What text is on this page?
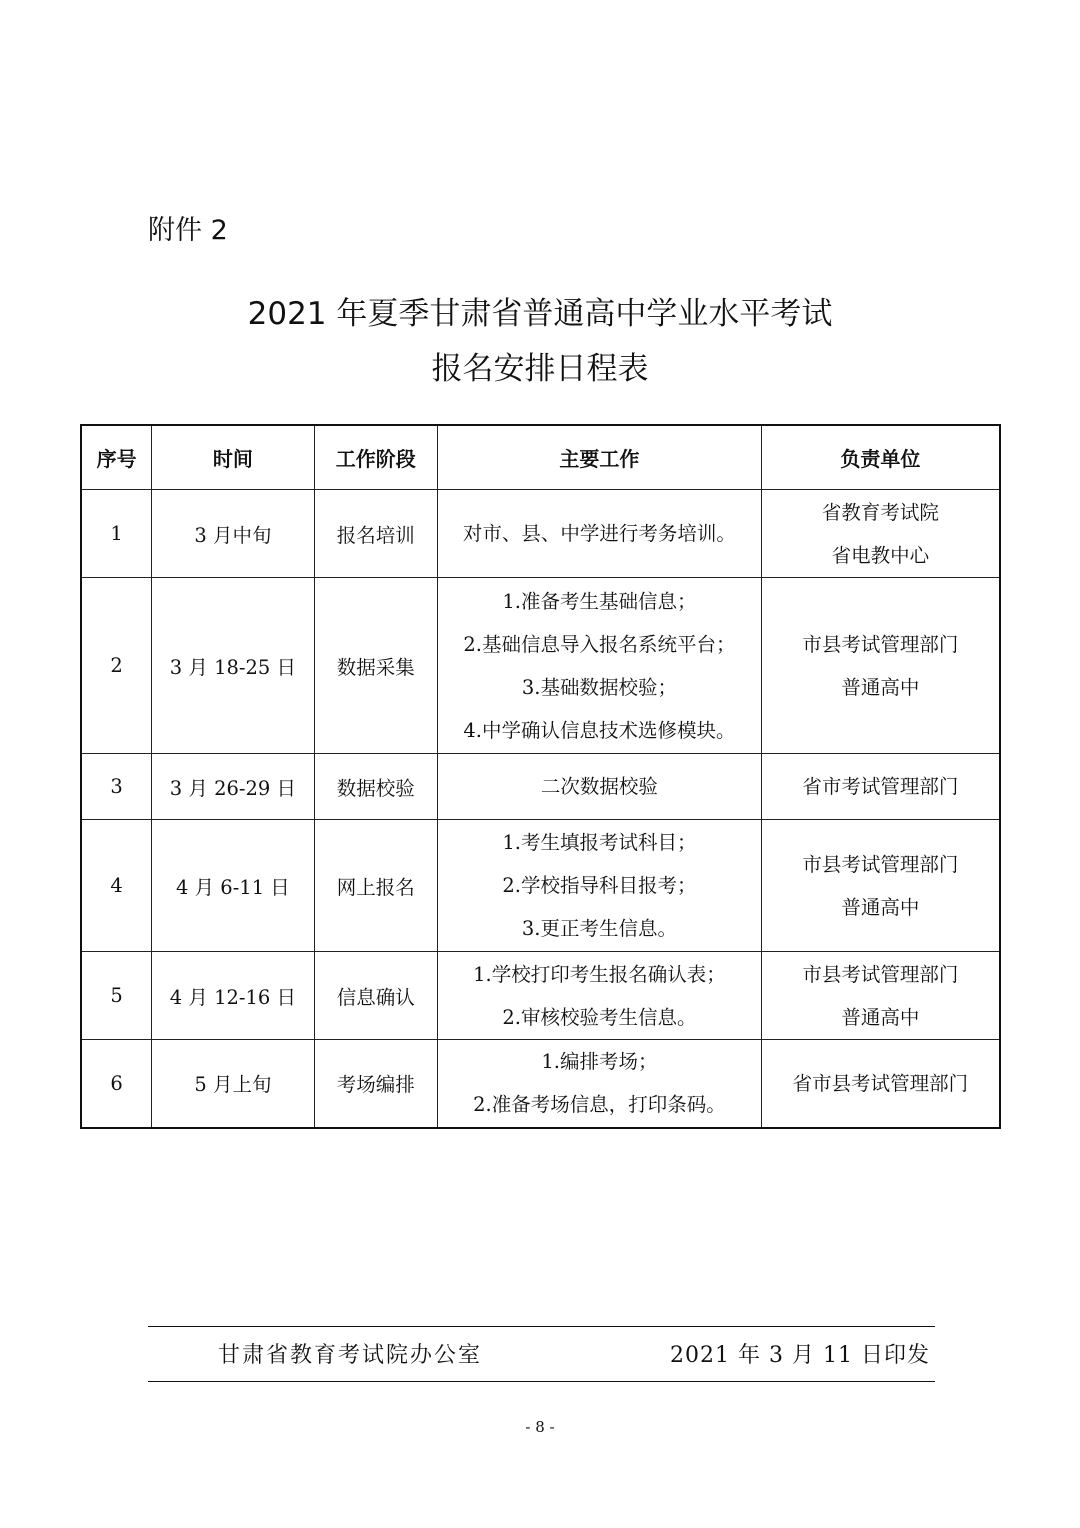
附件 2
2021 年夏季甘肃省普通高中学业水平考试
报名安排日程表
序号	时间	工作阶段	主要工作	负责单位
1	3 月中旬	报名培训	对市、县、中学进行考务培训。	省教育考试院
省电教中心

2	3 月 18-25 日	数据采集	1.准备考生基础信息；
2.基础信息导入报名系统平台；
3.基础数据校验；
4.中学确认信息技术选修模块。	市县考试管理部门
普通高中

3	3 月 26-29 日	数据校验	二次数据校验	省市考试管理部门

4	4 月 6-11 日	网上报名	1.考生填报考试科目；
2.学校指导科目报考；
3.更正考生信息。	市县考试管理部门
普通高中

5	4 月 12-16 日	信息确认	1.学校打印考生报名确认表；
2.审核校验考生信息。	市县考试管理部门
普通高中

6	5 月上旬	考场编排	1.编排考场；
2.准备考场信息，打印条码。	省市县考试管理部门
甘肃省教育考试院办公室	2021 年 3 月 11 日印发
- 8 -
